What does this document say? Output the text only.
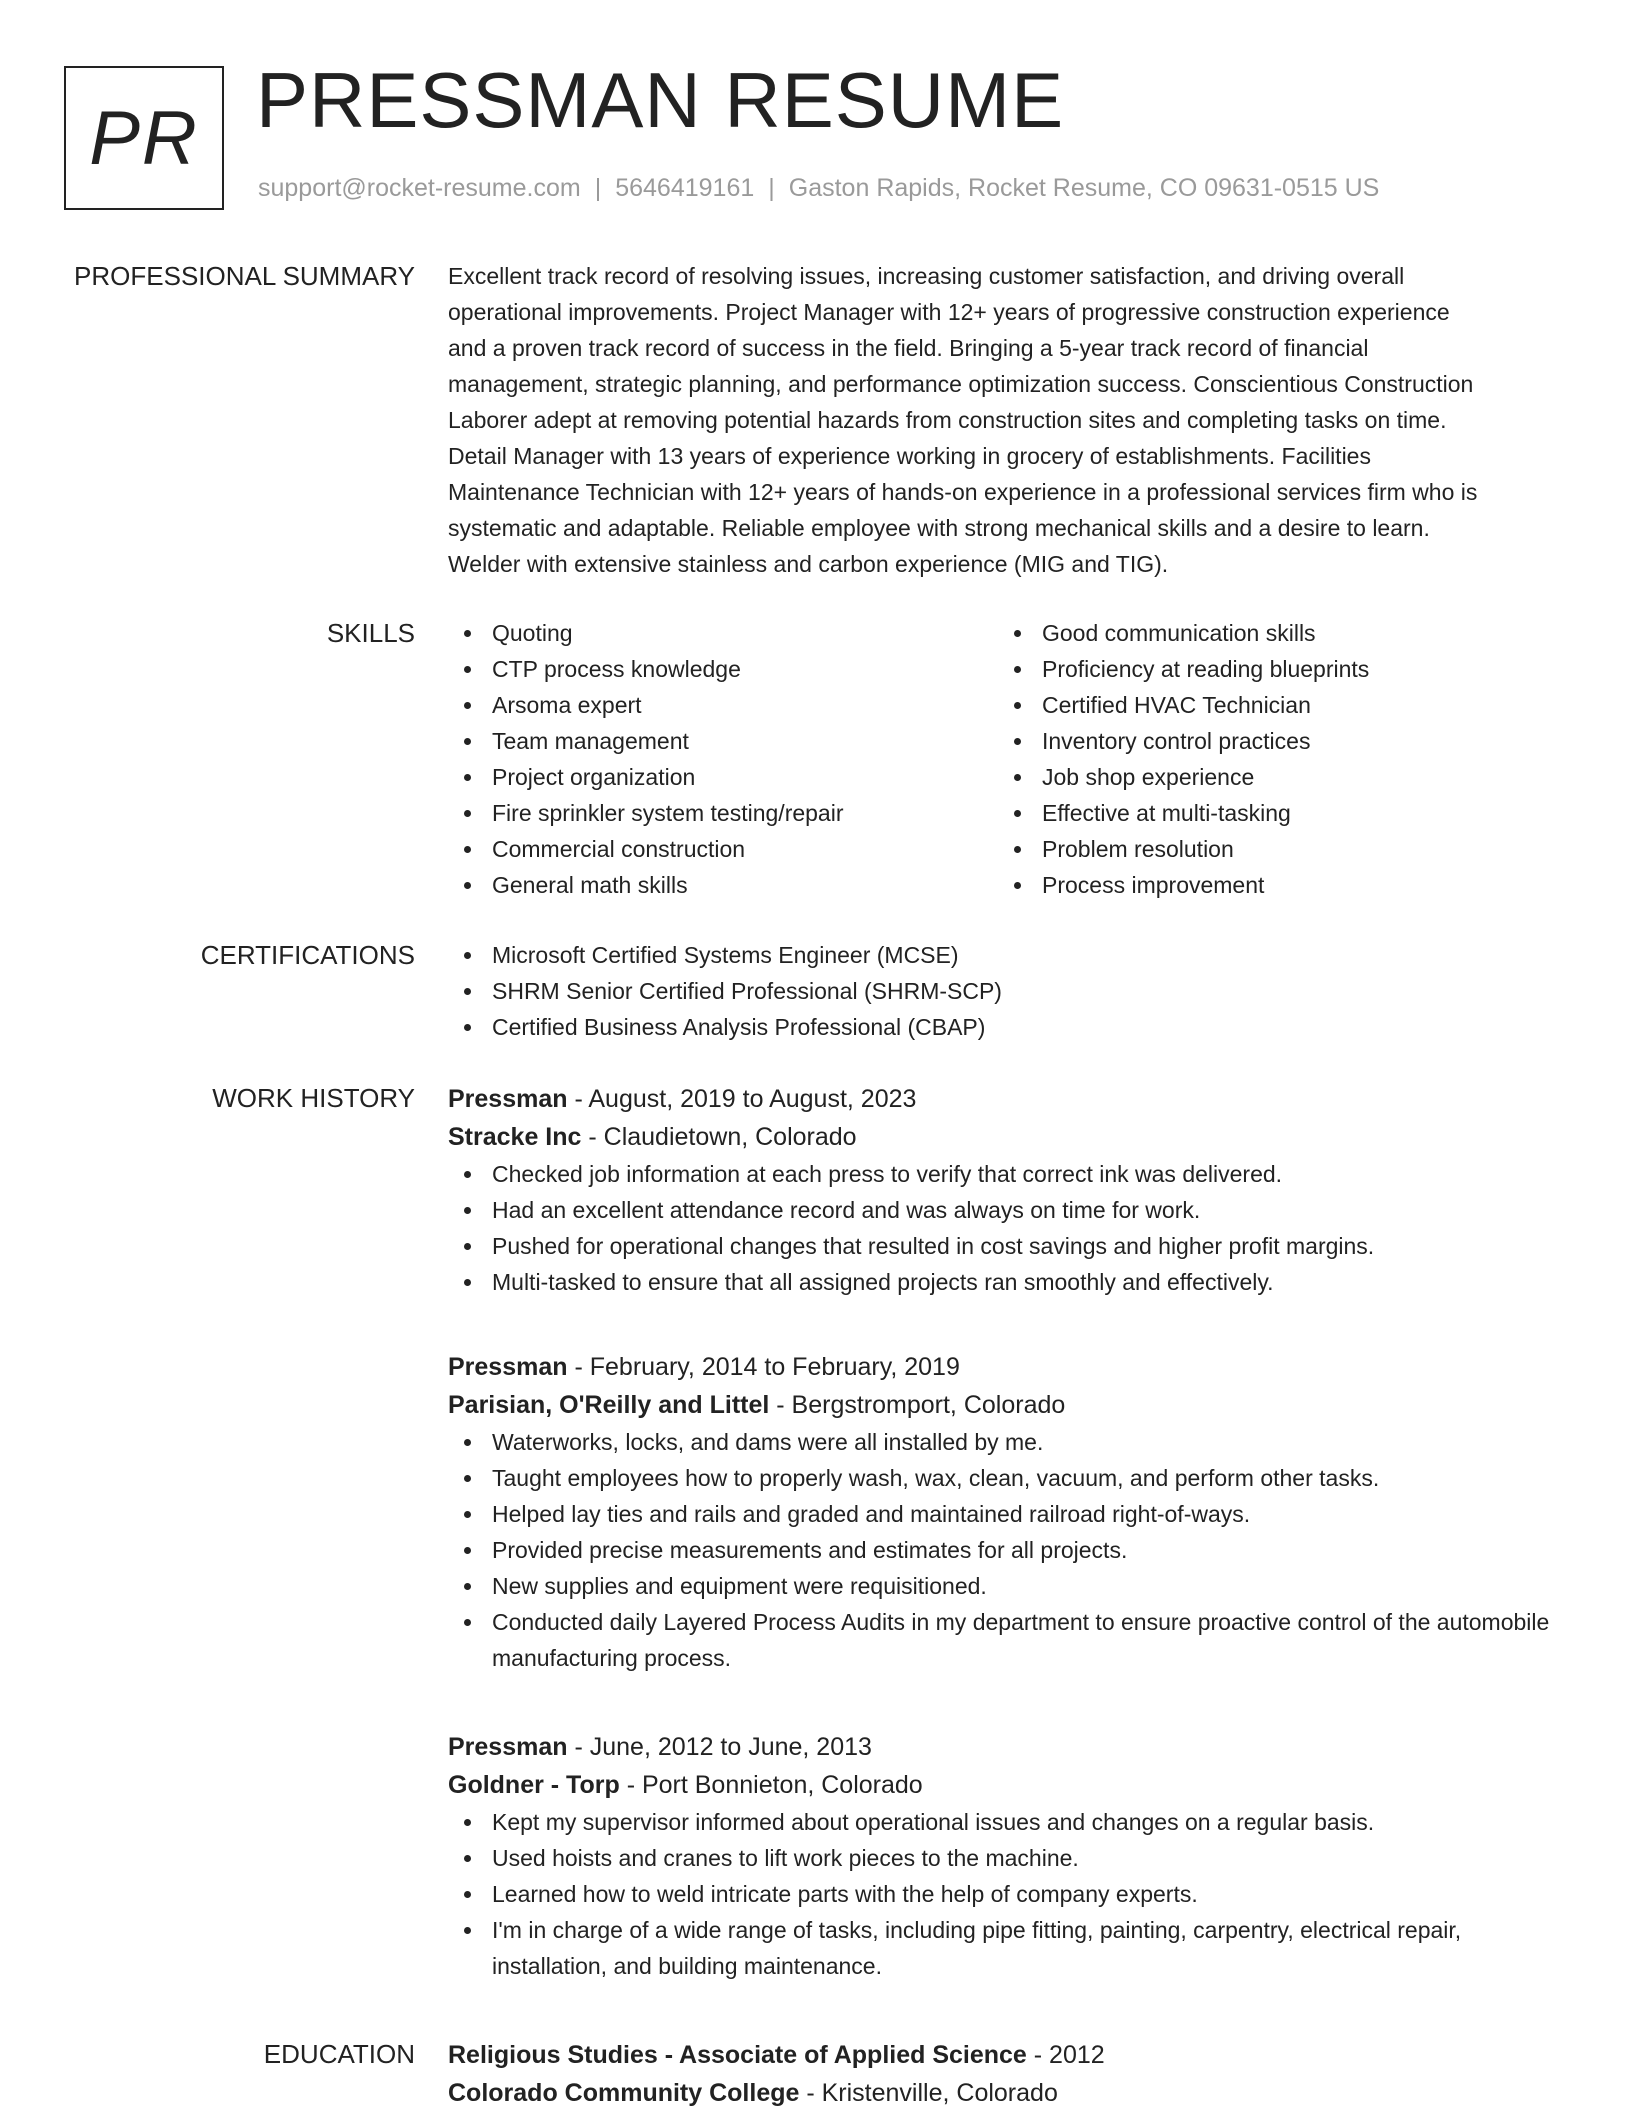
PR PRESSMAN RESUME
support@rocket-resume.com | 5646419161 | Gaston Rapids, Rocket Resume, CO 09631-0515 US
PROFESSIONAL SUMMARY Excellent track record of resolving issues, increasing customer satisfaction, and driving overall
operational improvements. Project Manager with 12+ years of progressive construction experience
and a proven track record of success in the field. Bringing a 5-year track record of financial
management, strategic planning, and performance optimization success. Conscientious Construction
Laborer adept at removing potential hazards from construction sites and completing tasks on time.
Detail Manager with 13 years of experience working in grocery of establishments. Facilities
Maintenance Technician with 12+ years of hands-on experience in a professional services firm who is
systematic and adaptable. Reliable employee with strong mechanical skills and a desire to learn.
Welder with extensive stainless and carbon experience (MIG and TIG).
SKILLS	Quoting
CTP process knowledge
Arsoma expert
Team management
Project organization
Fire sprinkler system testing/repair
Commercial construction
General math skills
Good communication skills
Proficiency at reading blueprints
Certified HVAC Technician
Inventory control practices
Job shop experience
Effective at multi-tasking
Problem resolution
Process improvement
CERTIFICATIONS	Microsoft Certified Systems Engineer (MCSE)
SHRM Senior Certified Professional (SHRM-SCP)
Certified Business Analysis Professional (CBAP)
WORK HISTORY Pressman - August, 2019 to August, 2023
Stracke Inc - Claudietown, Colorado
Checked job information at each press to verify that correct ink was delivered.
Had an excellent attendance record and was always on time for work.
Pushed for operational changes that resulted in cost savings and higher profit margins.
Multi-tasked to ensure that all assigned projects ran smoothly and effectively.
Pressman - February, 2014 to February, 2019
Parisian, O'Reilly and Littel - Bergstromport, Colorado
Waterworks, locks, and dams were all installed by me.
Taught employees how to properly wash, wax, clean, vacuum, and perform other tasks.
Helped lay ties and rails and graded and maintained railroad right-of-ways.
Provided precise measurements and estimates for all projects.
New supplies and equipment were requisitioned.
Conducted daily Layered Process Audits in my department to ensure proactive control of the automobile manufacturing process.
Pressman - June, 2012 to June, 2013
Goldner - Torp - Port Bonnieton, Colorado
Kept my supervisor informed about operational issues and changes on a regular basis.
Used hoists and cranes to lift work pieces to the machine.
Learned how to weld intricate parts with the help of company experts.
I'm in charge of a wide range of tasks, including pipe fitting, painting, carpentry, electrical repair, installation, and building maintenance.
EDUCATION Religious Studies - Associate of Applied Science - 2012
Colorado Community College - Kristenville, Colorado
